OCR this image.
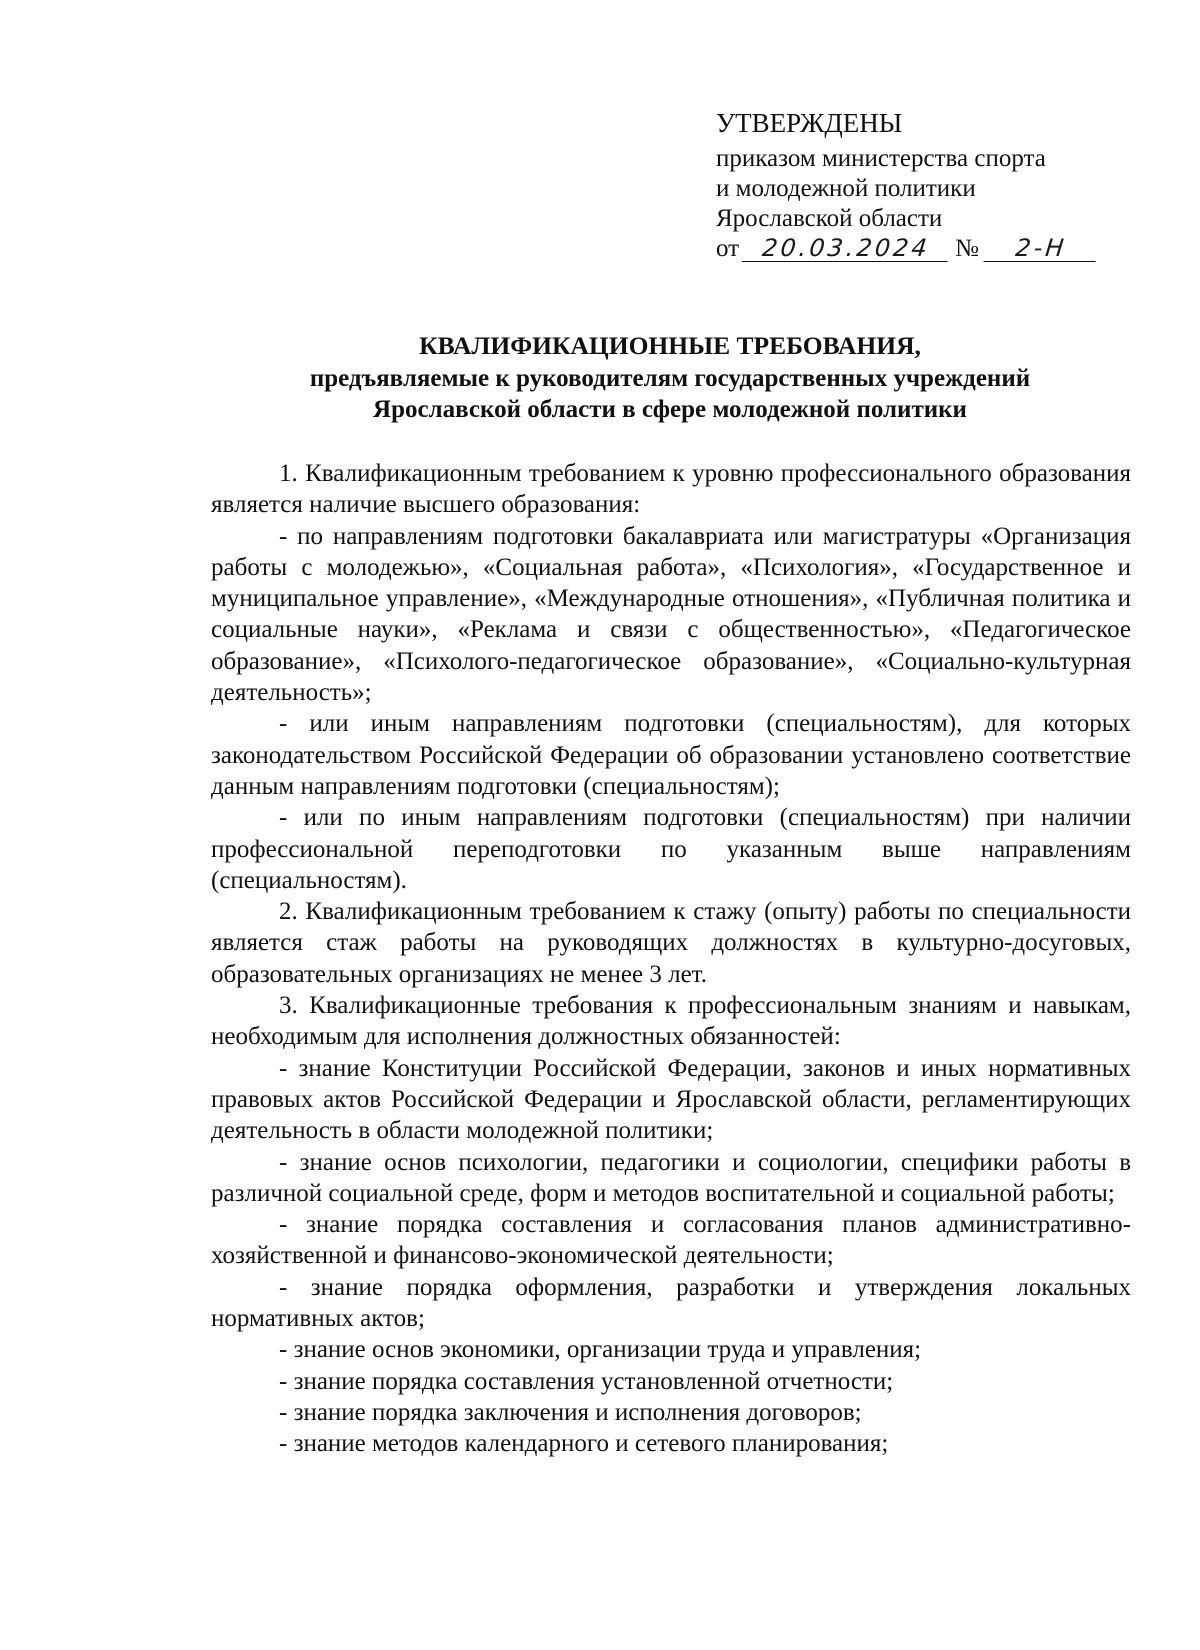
УТВЕРЖДЕНЫ
приказом министерства спорта
и молодежной политики
Ярославской области
от 20.03.2024 № 2-Н
КВАЛИФИКАЦИОННЫЕ ТРЕБОВАНИЯ,
предъявляемые к руководителям государственных учреждений
Ярославской области в сфере молодежной политики

1. Квалификационным требованием к уровню профессионального образования является наличие высшего образования:

- по направлениям подготовки бакалавриата или магистратуры «Организация работы с молодежью», «Социальная работа», «Психология», «Государственное и муниципальное управление», «Международные отношения», «Публичная политика и социальные науки», «Реклама и связи с общественностью», «Педагогическое образование», «Психолого-педагогическое образование», «Социально-культурная деятельность»;

- или иным направлениям подготовки (специальностям), для которых законодательством Российской Федерации об образовании установлено соответствие данным направлениям подготовки (специальностям);

- или по иным направлениям подготовки (специальностям) при наличии профессиональной переподготовки по указанным выше направлениям (специальностям).

2. Квалификационным требованием к стажу (опыту) работы по специальности является стаж работы на руководящих должностях в культурно-досуговых, образовательных организациях не менее 3 лет.

3. Квалификационные требования к профессиональным знаниям и навыкам, необходимым для исполнения должностных обязанностей:

- знание Конституции Российской Федерации, законов и иных нормативных правовых актов Российской Федерации и Ярославской области, регламентирующих деятельность в области молодежной политики;

- знание основ психологии, педагогики и социологии, специфики работы в различной социальной среде, форм и методов воспитательной и социальной работы;

- знание порядка составления и согласования планов административно-хозяйственной и финансово-экономической деятельности;

- знание порядка оформления, разработки и утверждения локальных нормативных актов;

- знание основ экономики, организации труда и управления;

- знание порядка составления установленной отчетности;

- знание порядка заключения и исполнения договоров;

- знание методов календарного и сетевого планирования;
